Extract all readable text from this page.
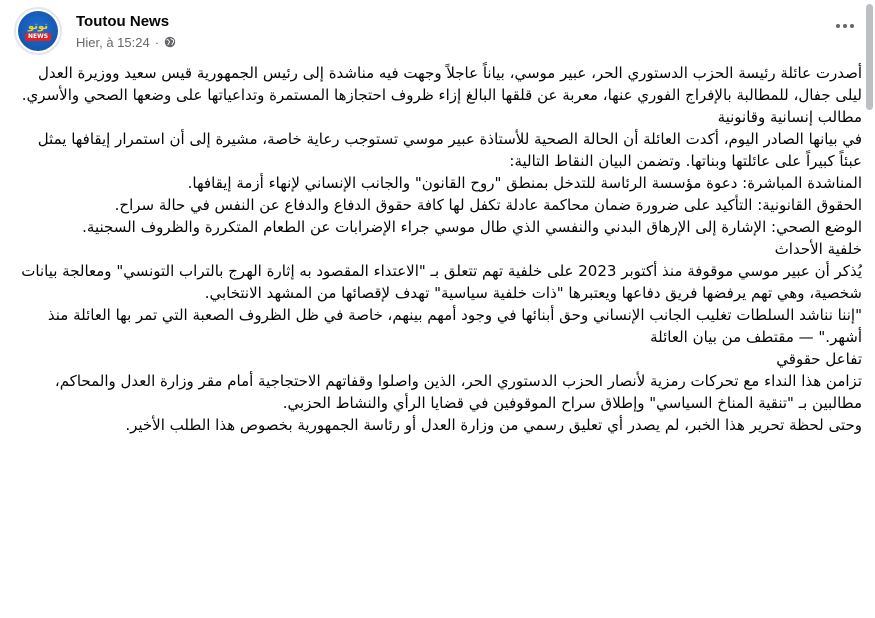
توتو
NEWS
Toutou News
Hier, à 15:24 ·

أصدرت عائلة رئيسة الحزب الدستوري الحر، عبير موسي، بياناً عاجلاً وجهت فيه مناشدة إلى رئيس الجمهورية قيس سعيد ووزيرة العدل ليلى جفال، للمطالبة بالإفراج الفوري عنها، معربة عن قلقها البالغ إزاء ظروف احتجازها المستمرة وتداعياتها على وضعها الصحي والأسري.

مطالب إنسانية وقانونية

في بيانها الصادر اليوم، أكدت العائلة أن الحالة الصحية للأستاذة عبير موسي تستوجب رعاية خاصة، مشيرة إلى أن استمرار إيقافها يمثل عبئاً كبيراً على عائلتها وبناتها. وتضمن البيان النقاط التالية:

المناشدة المباشرة: دعوة مؤسسة الرئاسة للتدخل بمنطق "روح القانون" والجانب الإنساني لإنهاء أزمة إيقافها.

الحقوق القانونية: التأكيد على ضرورة ضمان محاكمة عادلة تكفل لها كافة حقوق الدفاع والدفاع عن النفس في حالة سراح.

الوضع الصحي: الإشارة إلى الإرهاق البدني والنفسي الذي طال موسي جراء الإضرابات عن الطعام المتكررة والظروف السجنية.

خلفية الأحداث

يُذكر أن عبير موسي موقوفة منذ أكتوبر 2023 على خلفية تهم تتعلق بـ "الاعتداء المقصود به إثارة الهرج بالتراب التونسي" ومعالجة بيانات شخصية، وهي تهم يرفضها فريق دفاعها ويعتبرها "ذات خلفية سياسية" تهدف لإقصائها من المشهد الانتخابي.

"إننا نناشد السلطات تغليب الجانب الإنساني وحق أبنائها في وجود أمهم بينهم، خاصة في ظل الظروف الصعبة التي تمر بها العائلة منذ أشهر." — مقتطف من بيان العائلة

تفاعل حقوقي

تزامن هذا النداء مع تحركات رمزية لأنصار الحزب الدستوري الحر، الذين واصلوا وقفاتهم الاحتجاجية أمام مقر وزارة العدل والمحاكم، مطالبين بـ "تنقية المناخ السياسي" وإطلاق سراح الموقوفين في قضايا الرأي والنشاط الحزبي.

وحتى لحظة تحرير هذا الخبر، لم يصدر أي تعليق رسمي من وزارة العدل أو رئاسة الجمهورية بخصوص هذا الطلب الأخير.
